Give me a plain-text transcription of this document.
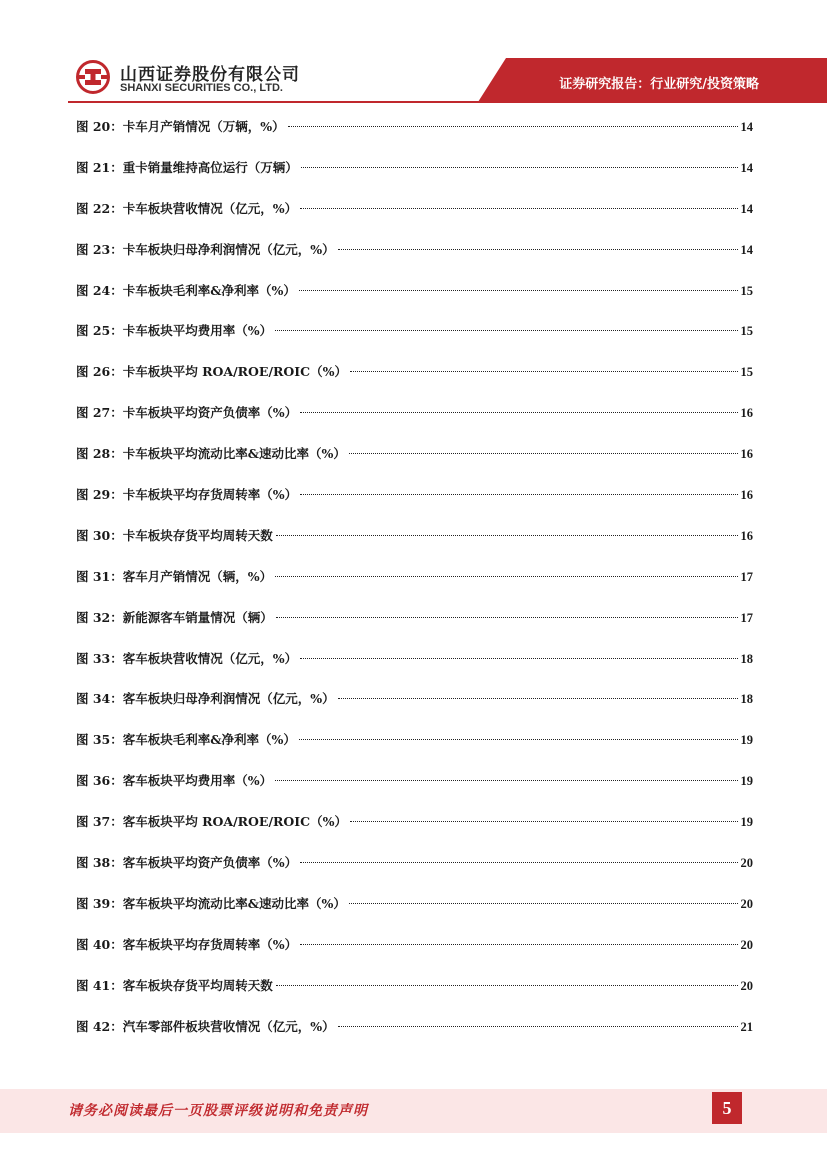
山西证券股份有限公司
SHANXI SECURITIES CO., LTD.	证券研究报告：行业研究/投资策略
图 20：卡车月产销情况（万辆，%）	14
图 21：重卡销量维持高位运行（万辆）	14
图 22：卡车板块营收情况（亿元，%）	14
图 23：卡车板块归母净利润情况（亿元，%）	14
图 24：卡车板块毛利率&净利率（%）	15
图 25：卡车板块平均费用率（%）	15
图 26：卡车板块平均 ROA/ROE/ROIC（%）	15
图 27：卡车板块平均资产负债率（%）	16
图 28：卡车板块平均流动比率&速动比率（%）	16
图 29：卡车板块平均存货周转率（%）	16
图 30：卡车板块存货平均周转天数	16
图 31：客车月产销情况（辆，%）	17
图 32：新能源客车销量情况（辆）	17
图 33：客车板块营收情况（亿元，%）	18
图 34：客车板块归母净利润情况（亿元，%）	18
图 35：客车板块毛利率&净利率（%）	19
图 36：客车板块平均费用率（%）	19
图 37：客车板块平均 ROA/ROE/ROIC（%）	19
图 38：客车板块平均资产负债率（%）	20
图 39：客车板块平均流动比率&速动比率（%）	20
图 40：客车板块平均存货周转率（%）	20
图 41：客车板块存货平均周转天数	20
图 42：汽车零部件板块营收情况（亿元，%）	21
请务必阅读最后一页股票评级说明和免责声明	5
